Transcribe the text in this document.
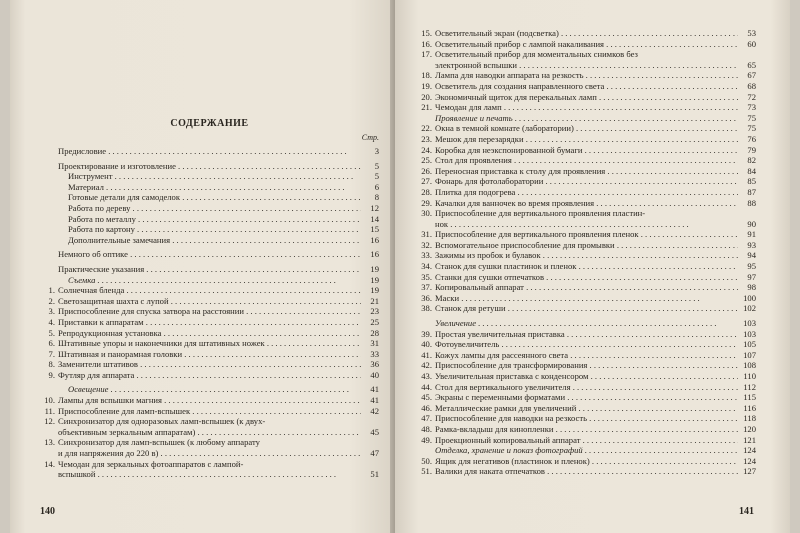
СОДЕРЖАНИЕ
Стр.
Предисловие . . .	3
Проектирование и изготовление . . .	5
Инструмент . . .	5
Материал . . .	6
Готовые детали для самоделок . . .	8
Работа по дереву . . .	12
Работа по металлу . . .	14
Работа по картону . . .	15
Дополнительные замечания . . .	16
Немного об оптике . . .	16
Практические указания . . .	19
Съемка . . .	19
1. Солнечная бленда . . .	19
2. Светозащитная шахта с лупой . . .	21
3. Приспособление для спуска затвора на расстоянии . . .	23
4. Приставки к аппаратам . . .	25
5. Репродукционная установка . . .	28
6. Штативные упоры и наконечники для штативных ножек . . .	31
7. Штативная и панорамная головки . . .	33
8. Заменители штативов . . .	36
9. Футляр для аппарата . . .	40
Освещение . . .	41
10. Лампы для вспышки магния . . .	41
11. Приспособление для ламп-вспышек . . .	42
12. Синхронизатор для одноразовых ламп-вспышек (к двух-
объективным зеркальным аппаратам) . . .	45
13. Синхронизатор для ламп-вспышек (к любому аппарату
и для напряжения до 220 в) . . .	47
14. Чемодан для зеркальных фотоаппаратов с лампой-
вспышкой . . .	51
140
15. Осветительный экран (подсветка) . . .	53
16. Осветительный прибор с лампой накаливания . . .	60
17. Осветительный прибор для моментальных снимков без
электронной вспышки . . .	65
18. Лампа для наводки аппарата на резкость . . .	67
19. Осветитель для создания направленного света . . .	68
20. Экономичный щиток для перекальных ламп . . .	72
21. Чемодан для ламп . . .	73
Проявление и печать . . .	75
22. Окна в темной комнате (лаборатории) . . .	75
23. Мешок для перезарядки . . .	76
24. Коробка для неэкспонированной бумаги . . .	79
25. Стол для проявления . . .	82
26. Переносная приставка к столу для проявления . . .	84
27. Фонарь для фотолаборатории . . .	85
28. Плитка для подогрева . . .	87
29. Качалки для ванночек во время проявления . . .	88
30. Приспособление для вертикального проявления пластин-
нок . . .	90
31. Приспособление для вертикального проявления пленок . . .	91
32. Вспомогательное приспособление для промывки . . .	93
33. Зажимы из пробок и булавок . . .	94
34. Станок для сушки пластинок и пленок . . .	95
35. Станки для сушки отпечатков . . .	97
37. Копировальный аппарат . . .	98
36. Маски . . .	100
38. Станок для ретуши . . .	102
Увеличение . . .	103
39. Простая увеличительная приставка . . .	103
40. Фотоувеличитель . . .	105
41. Кожух лампы для рассеянного света . . .	107
42. Приспособление для трансформирования . . .	108
43. Увеличительная приставка с конденсором . . .	110
44. Стол для вертикального увеличителя . . .	112
45. Экраны с переменными форматами . . .	115
46. Металлические рамки для увеличений . . .	116
47. Приспособление для наводки на резкость . . .	118
48. Рамка-вкладыш для кинопленки . . .	120
49. Проекционный копировальный аппарат . . .	121
Отделка, хранение и показ фотографий . . .	124
50. Ящик для негативов (пластинок и пленок) . . .	124
51. Валики для наката отпечатков . . .	127
141
